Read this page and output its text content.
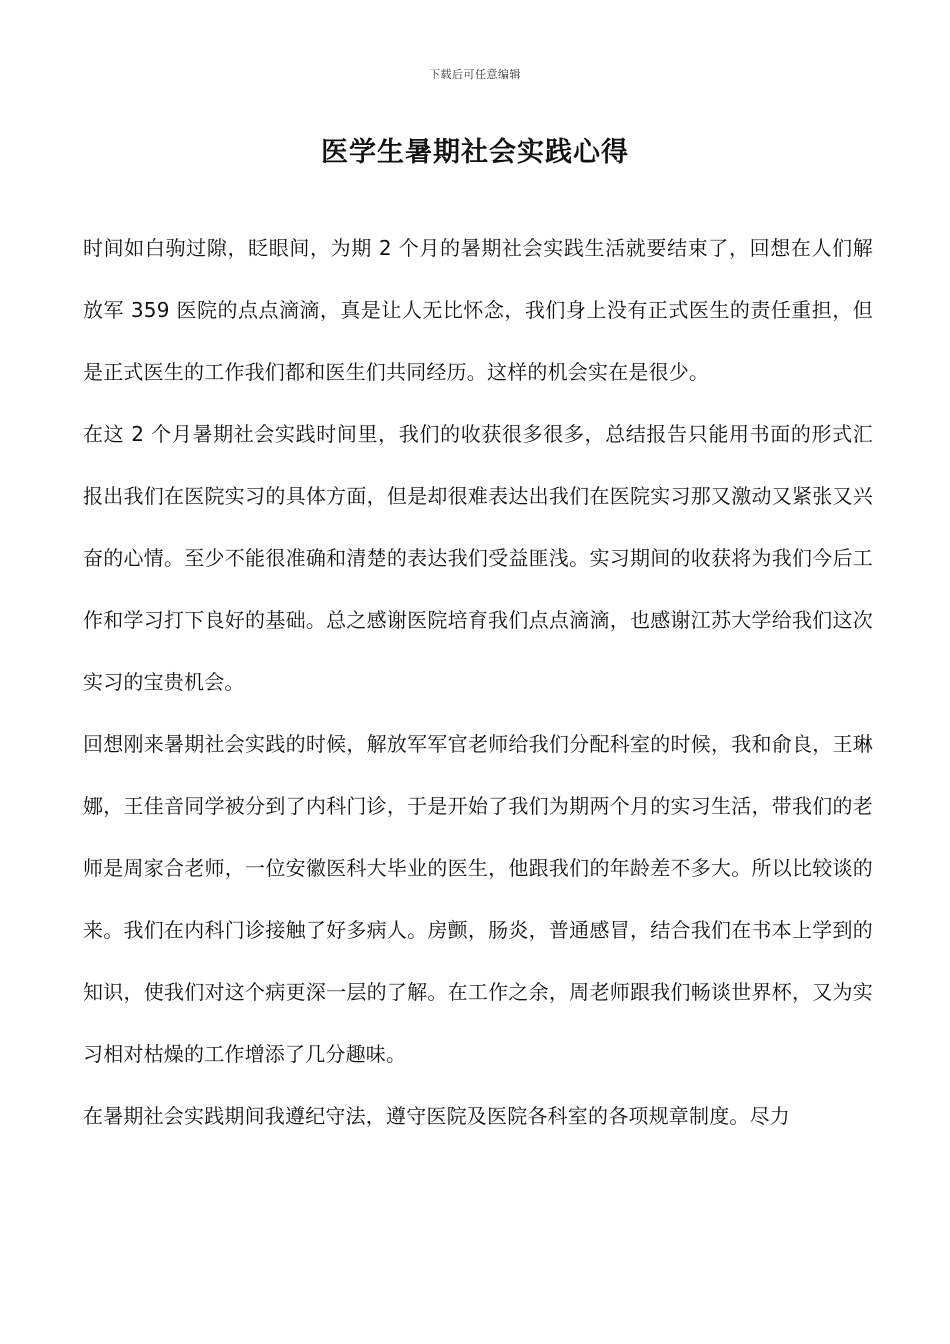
下载后可任意编辑
医学生暑期社会实践心得

时间如白驹过隙，眨眼间，为期 2 个月的暑期社会实践生活就要结束了，回想在人们解放军 359 医院的点点滴滴，真是让人无比怀念，我们身上没有正式医生的责任重担，但是正式医生的工作我们都和医生们共同经历。这样的机会实在是很少。

在这 2 个月暑期社会实践时间里，我们的收获很多很多，总结报告只能用书面的形式汇报出我们在医院实习的具体方面，但是却很难表达出我们在医院实习那又激动又紧张又兴奋的心情。至少不能很准确和清楚的表达我们受益匪浅。实习期间的收获将为我们今后工作和学习打下良好的基础。总之感谢医院培育我们点点滴滴，也感谢江苏大学给我们这次实习的宝贵机会。

回想刚来暑期社会实践的时候，解放军军官老师给我们分配科室的时候，我和俞良，王琳娜，王佳音同学被分到了内科门诊，于是开始了我们为期两个月的实习生活，带我们的老师是周家合老师，一位安徽医科大毕业的医生，他跟我们的年龄差不多大。所以比较谈的来。我们在内科门诊接触了好多病人。房颤，肠炎，普通感冒，结合我们在书本上学到的知识，使我们对这个病更深一层的了解。在工作之余，周老师跟我们畅谈世界杯，又为实习相对枯燥的工作增添了几分趣味。

在暑期社会实践期间我遵纪守法，遵守医院及医院各科室的各项规章制度。尽力
